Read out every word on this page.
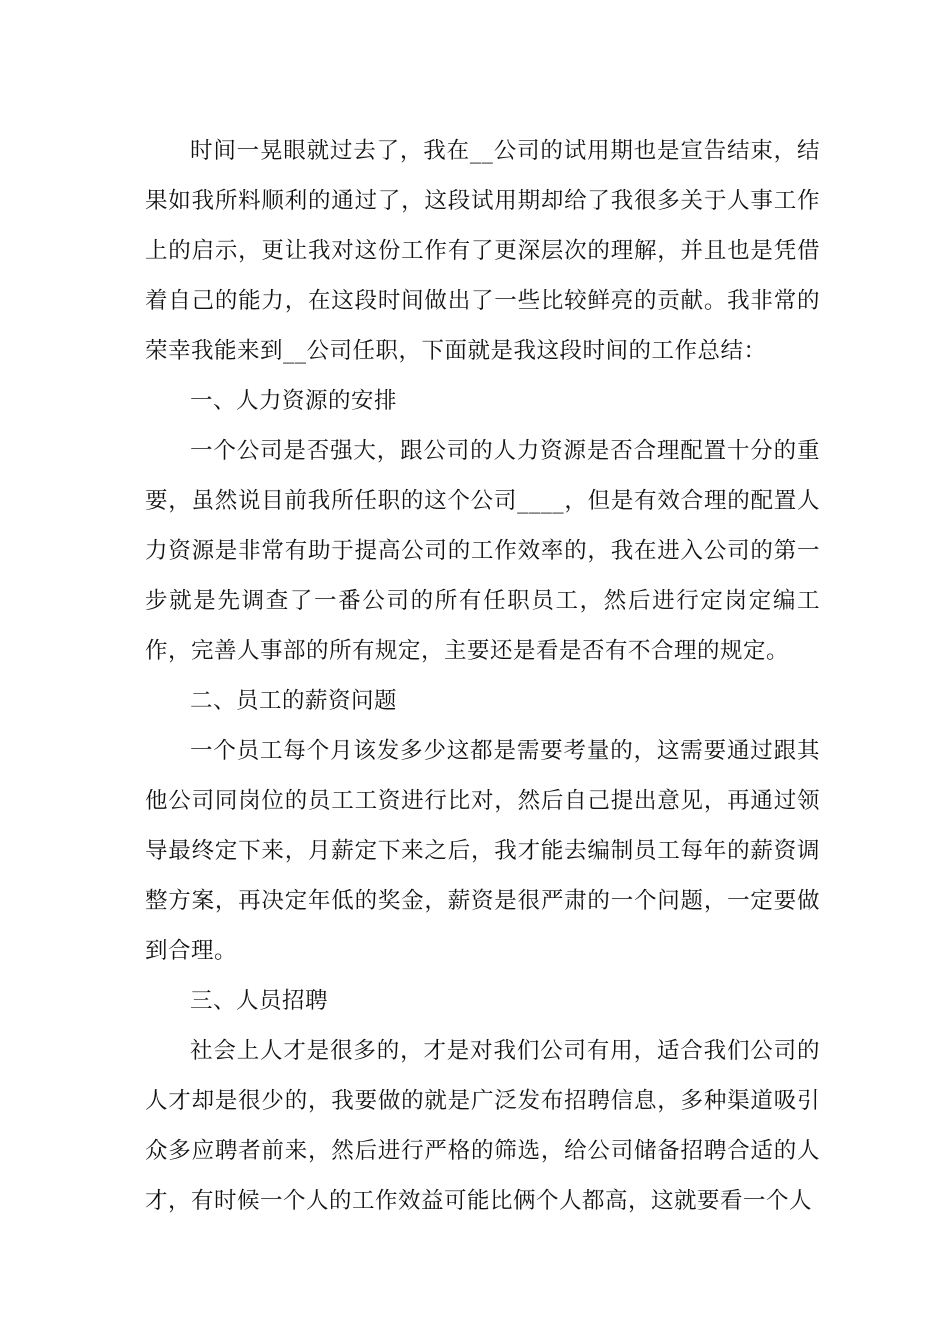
时间一晃眼就过去了，我在__公司的试用期也是宣告结束，结果如我所料顺利的通过了，这段试用期却给了我很多关于人事工作上的启示，更让我对这份工作有了更深层次的理解，并且也是凭借着自己的能力，在这段时间做出了一些比较鲜亮的贡献。我非常的荣幸我能来到__公司任职，下面就是我这段时间的工作总结：

一、人力资源的安排

一个公司是否强大，跟公司的人力资源是否合理配置十分的重要，虽然说目前我所任职的这个公司____，但是有效合理的配置人力资源是非常有助于提高公司的工作效率的，我在进入公司的第一步就是先调查了一番公司的所有任职员工，然后进行定岗定编工作，完善人事部的所有规定，主要还是看是否有不合理的规定。

二、员工的薪资问题

一个员工每个月该发多少这都是需要考量的，这需要通过跟其他公司同岗位的员工工资进行比对，然后自己提出意见，再通过领导最终定下来，月薪定下来之后，我才能去编制员工每年的薪资调整方案，再决定年低的奖金，薪资是很严肃的一个问题，一定要做到合理。

三、人员招聘

社会上人才是很多的，才是对我们公司有用，适合我们公司的人才却是很少的，我要做的就是广泛发布招聘信息，多种渠道吸引众多应聘者前来，然后进行严格的筛选，给公司储备招聘合适的人才，有时候一个人的工作效益可能比俩个人都高，这就要看一个人
